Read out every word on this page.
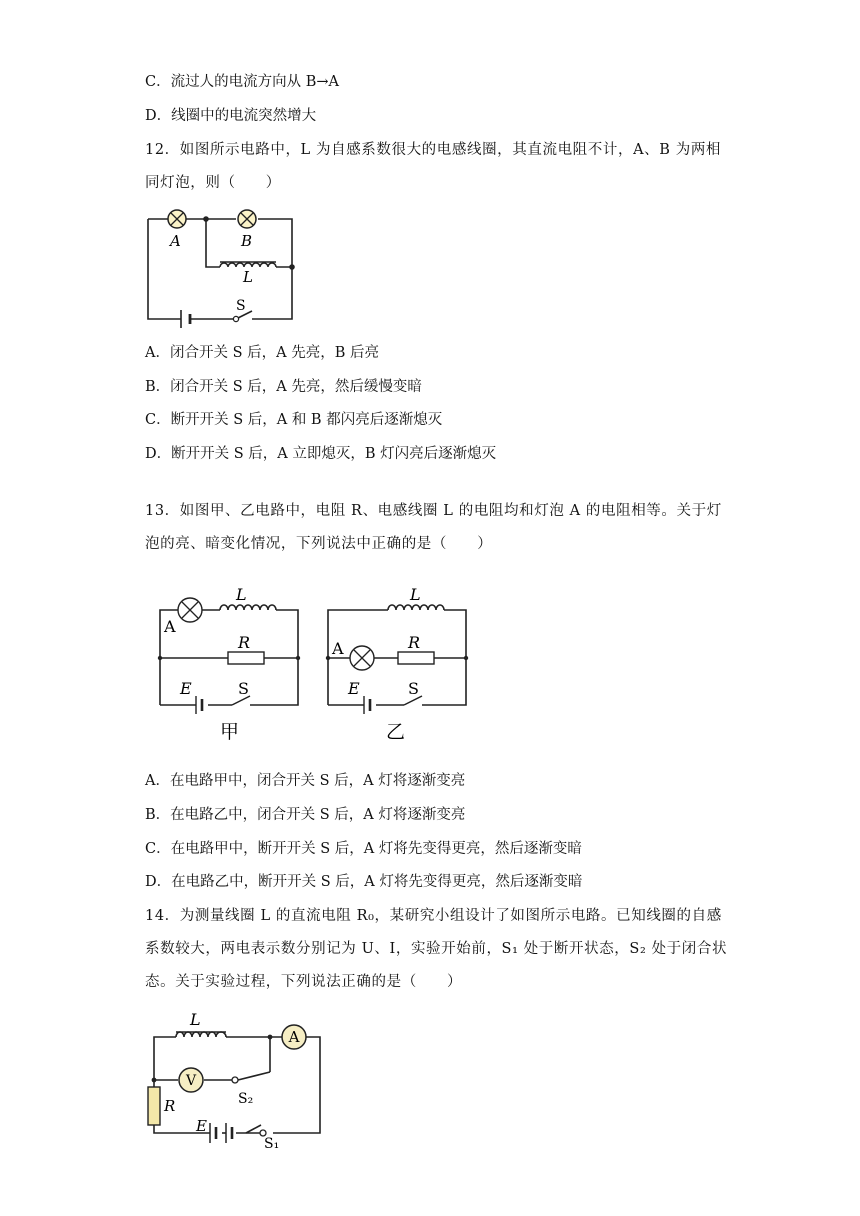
C．流过人的电流方向从 B→A
D．线圈中的电流突然增大
12．如图所示电路中，L 为自感系数很大的电感线圈，其直流电阻不计，A、B 为两相
同灯泡，则（　　）
A	B
L
S
A．闭合开关 S 后，A 先亮，B 后亮
B．闭合开关 S 后，A 先亮，然后缓慢变暗
C．断开开关 S 后，A 和 B 都闪亮后逐渐熄灭
D．断开开关 S 后，A 立即熄灭，B 灯闪亮后逐渐熄灭
13．如图甲、乙电路中，电阻 R、电感线圈 L 的电阻均和灯泡 A 的电阻相等。关于灯
泡的亮、暗变化情况，下列说法中正确的是（　　）
L
A
R
E	S
甲
L
A	R
E	S
乙
A．在电路甲中，闭合开关 S 后，A 灯将逐渐变亮
B．在电路乙中，闭合开关 S 后，A 灯将逐渐变亮
C．在电路甲中，断开开关 S 后，A 灯将先变得更亮，然后逐渐变暗
D．在电路乙中，断开开关 S 后，A 灯将先变得更亮，然后逐渐变暗
14．为测量线圈 L 的直流电阻 R₀，某研究小组设计了如图所示电路。已知线圈的自感
系数较大，两电表示数分别记为 U、I，实验开始前，S₁ 处于断开状态，S₂ 处于闭合状
态。关于实验过程，下列说法正确的是（　　）
A
V
L
R
E
S₂
S₁
